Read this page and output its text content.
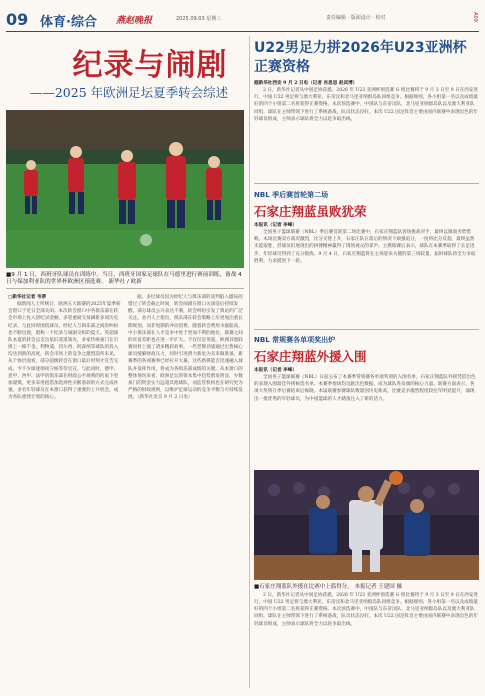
09 体育·综合 燕赵晚报	2025.09.03 星期三	责任编辑 · 版面设计 · 校对	A09
纪录与闹剧
——2025 年欧洲足坛夏季转会综述
■9 月 1 日，西班牙队球员在训练中。当日，西班牙国家足球队在马德里进行赛前训练，备战 4 日与保加利亚队的世界杯欧洲区预选赛。 新华社 / 欧新
□新华社记者 韦蒂
据新闻人士所统计，欧洲五大联赛的2025年夏季转会窗口于近日全部关闭。本次转会窗口中各俱乐部在转会市场上投入创纪录金额，多笔重磅交易刷新多项历史纪录，与此同时围绕球员、经纪人与俱乐部之间的纠纷也不断出现，堪称一个纪录与闹剧交织的夏天。英超球队本夏的转会总支出依旧遥遥领先，多家传统豪门在引援上一掷千金。利物浦、切尔西、阿森纳等球队的投入均达到新的高度，转会市场上的竞争之激烈前所未见。从个体层面看，部分超级转会在窗口最后时刻才宣告完成，令不少球迷彻夜守候等待官宣。与此同时，德甲、意甲、西甲、法甲的俱乐部在财政公平规则的约束下更加谨慎，更多采用租借加选择性买断条款的方式完成补强。多名年轻球员在本窗口获得了重要的上升机会，成为各队重建计划的核心。
据，多位球员因为经纪人与俱乐部的谈判陷入僵局而错过了转会截止时间，转会闹剧在窗口关闭前后持续发酵。部分球员公开表达不满，转会纠纷引发了舆论的广泛关注。业内人士指出，俱乐部在转会策略上应更加注重长期规划，而非短期的冲动消费。随着转会费用水涨船高，中小俱乐部在人才竞争中处于更加不利的地位，联赛之间的贫富差距也在进一步扩大。不仅仅是英超，欧洲其他联赛同样上演了诸多精彩故事。一些老牌劲旅通过出售核心球员缓解财政压力，同时引进潜力新星为未来做准备。新赛季的各项赛事已经拉开大幕，这些新援能否迅速融入球队并发挥作用，将成为各俱乐部成绩的关键。从本窗口的整体情况来看，欧洲足坛的资本集中趋势愈发明显，少数豪门的资金实力远超其他球队，而监管机构也在研究更为严格的财政规则，以维护足球运动的竞争平衡与可持续发展。（新华社北京 9 月 2 日电）
U22男足力拼2026年U23亚洲杯正赛资格
据新华社西安 9 月 2 日电（记者 肖思思 赵宾博）
2 日，新华社记者从中国足协获悉，2026 年 U23 亚洲杯预选赛 G 组比赛将于 9 月 3 日至 9 日在西安进行。中国 U22 男足将与澳大利亚、东帝汶和北马里亚纳群岛队同组竞争。根据规则，各小组第一名以及成绩最好的四个小组第二名将获得正赛资格。本次预选赛中，中国队与东帝汶队、北马里亚纳群岛队以及澳大利亚队同组，球队在主帅带领下进行了系统备战，队员状态良好。本次 U22 国足阵容主要由国内联赛中表现出色的年轻球员组成，主帅表示球队将全力以赴争取出线。
NBL 季后赛首轮第二场
石家庄翔蓝虽败犹荣
本报讯（记者 李峰）
全国男子篮球联赛（NBL）季后赛首轮第二场比赛中，石家庄翔蓝队客场挑战对手，最终以微弱劣势惜败。本场比赛双方战况激烈，比分交替上升，石家庄队在落后的情况下顽强追分，一度将比分反超。最终虽然未能取胜，但球员们展现出的拼搏精神赢得了现场观众的掌声。主教练赛后表示，球队在本赛季取得了长足进步，年轻球员得到了充分锻炼。9 月 4 日，石家庄翔蓝将在主场迎来关键的第三场较量，届时球队将全力争取胜利，力求挺进下一轮。
NBL 常规赛各单项奖出炉
石家庄翔蓝外援入围
本报讯（记者 李峰）
全国男子篮球联赛（NBL）日前公布了本赛季常规赛各单项奖项的入围名单，石家庄翔蓝队外援凭借出色的表现入围最佳外援候选名单。本赛季他场均贡献出色数据，成为球队进攻端的核心力量。联赛方面表示，各项大奖将在季后赛结束后揭晓。本届联赛参赛球队数量创历史新高，比赛竞争激烈程度较往年明显提升，涌现出一批优秀的年轻球员，为中国篮球的人才储备注入了新的活力。
■石家庄翔蓝队外援在比赛中上篮得分。 本报记者 王建国 摄
2 日，新华社记者从中国足协获悉，2026 年 U23 亚洲杯预选赛 G 组比赛将于 9 月 3 日至 9 日在西安进行。中国 U22 男足将与澳大利亚、东帝汶和北马里亚纳群岛队同组竞争。根据规则，各小组第一名以及成绩最好的四个小组第二名将获得正赛资格。本次预选赛中，中国队与东帝汶队、北马里亚纳群岛队以及澳大利亚队同组，球队在主帅带领下进行了系统备战，队员状态良好。本次 U22 国足阵容主要由国内联赛中表现出色的年轻球员组成，主帅表示球队将全力以赴争取出线。
